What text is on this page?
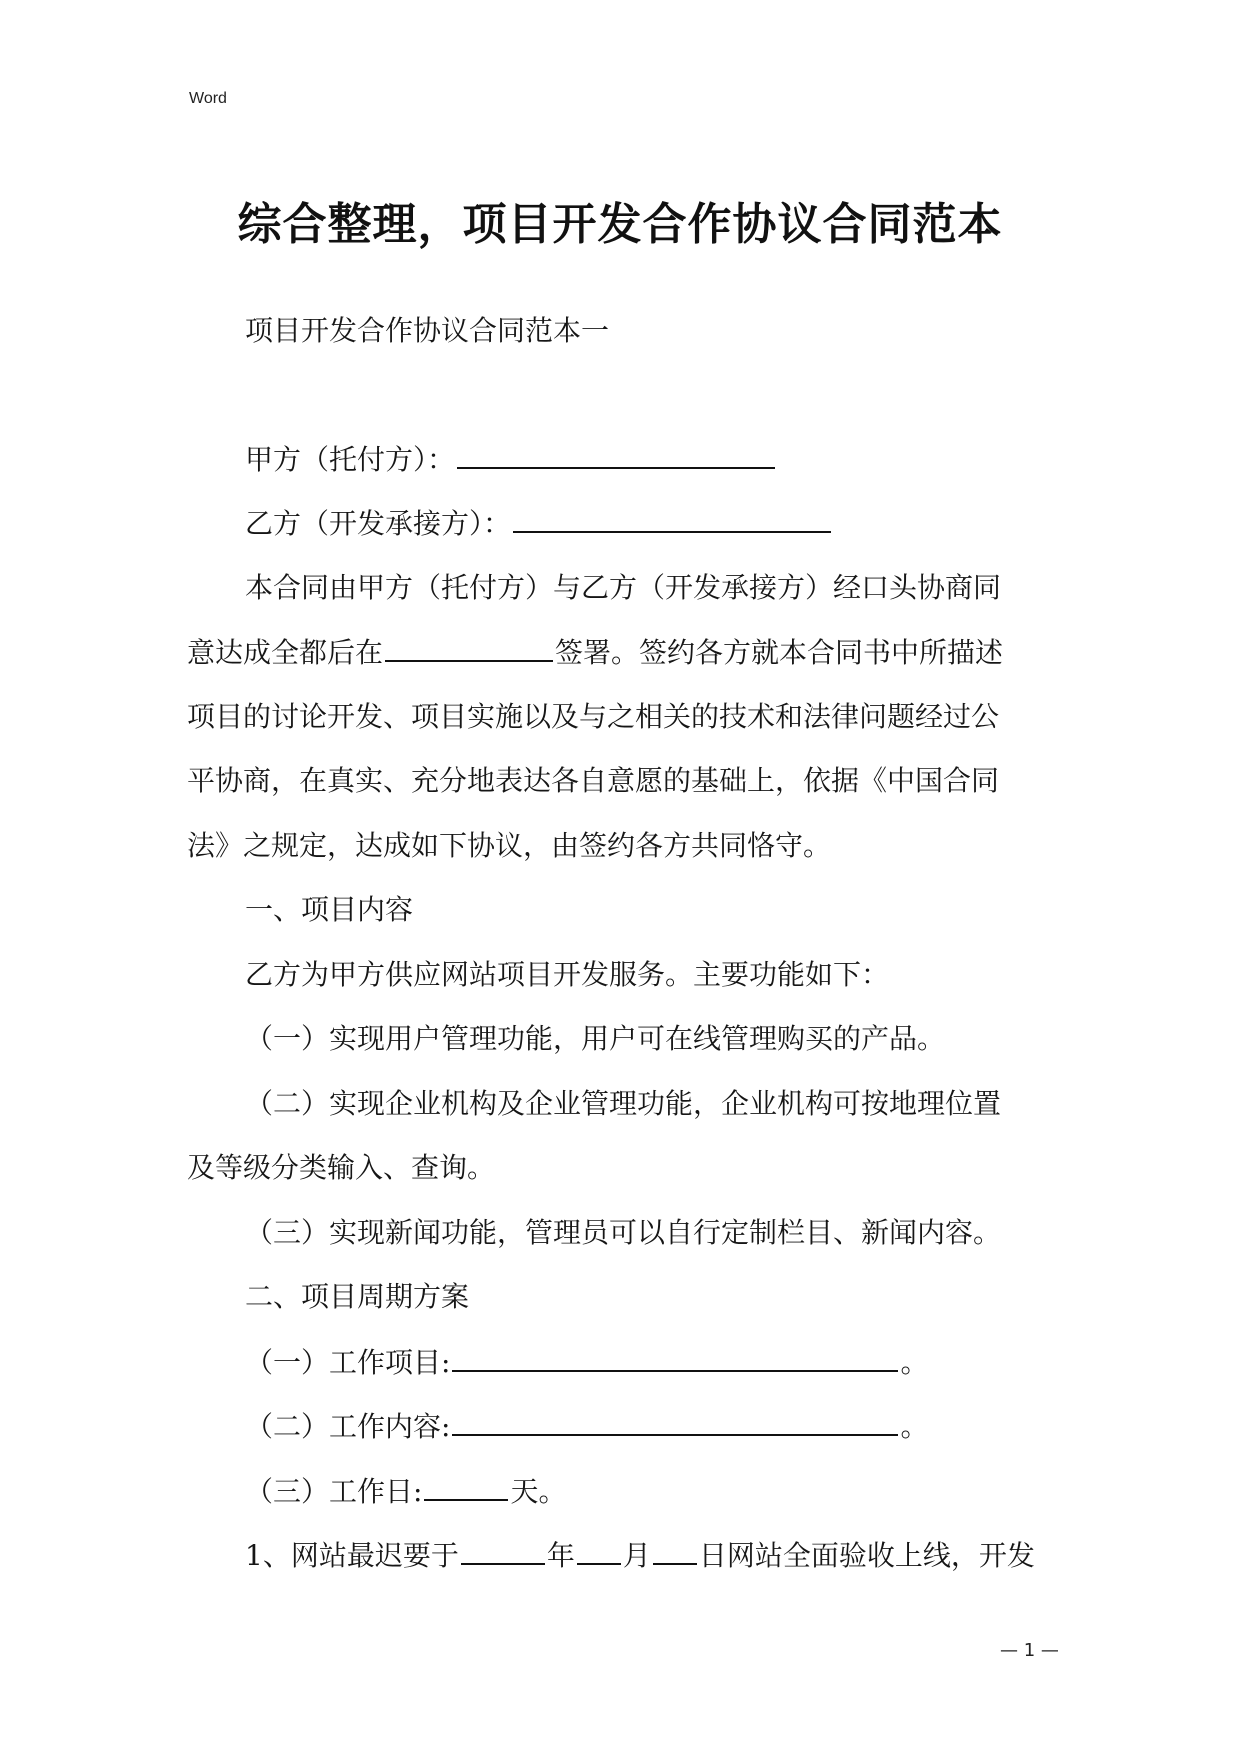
Word
综合整理，项目开发合作协议合同范本
项目开发合作协议合同范本一
甲方（托付方）：
乙方（开发承接方）：
本合同由甲方（托付方）与乙方（开发承接方）经口头协商同
意达成全都后在	签署。签约各方就本合同书中所描述
项目的讨论开发、项目实施以及与之相关的技术和法律问题经过公
平协商，在真实、充分地表达各自意愿的基础上，依据《中国合同
法》之规定，达成如下协议，由签约各方共同恪守。
一、项目内容
乙方为甲方供应网站项目开发服务。主要功能如下：
（一）实现用户管理功能，用户可在线管理购买的产品。
（二）实现企业机构及企业管理功能，企业机构可按地理位置
及等级分类输入、查询。
（三）实现新闻功能，管理员可以自行定制栏目、新闻内容。
二、项目周期方案
（一）工作项目:	。
（二）工作内容:	。
（三）工作日:	天。
1、网站最迟要于	年 月 日网站全面验收上线，开发
— 1 —
